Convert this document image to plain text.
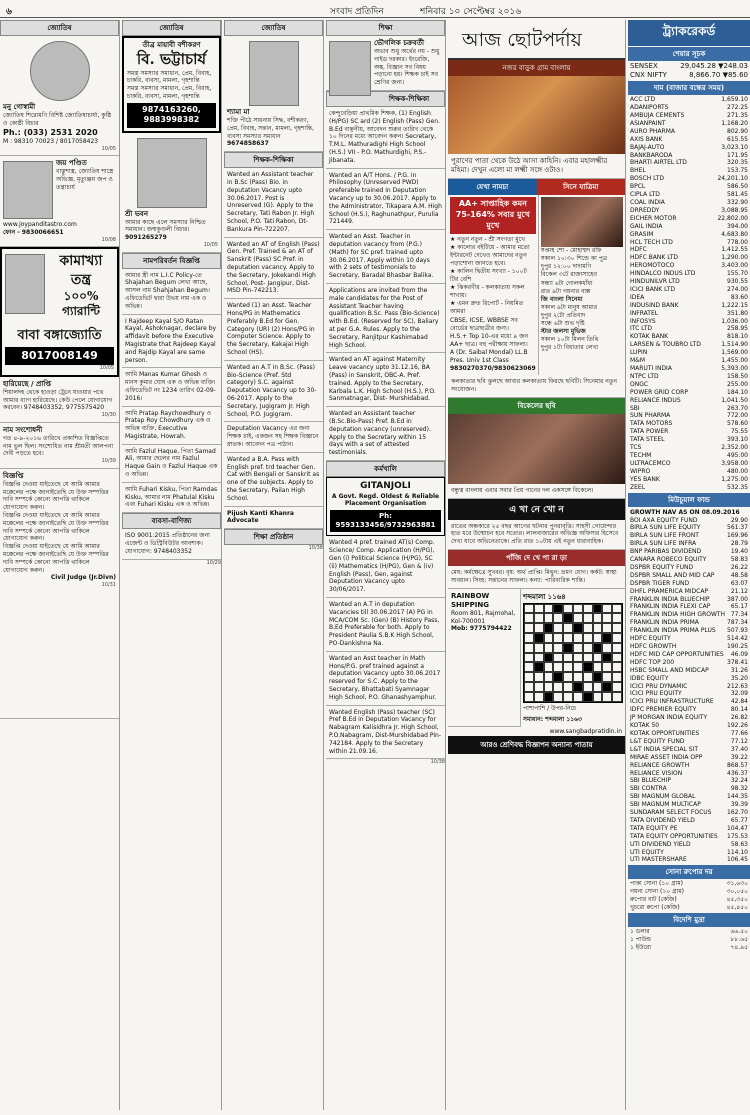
৬	সংবাদ প্রতিদিন	শনিবার ১০ সেপ্টেম্বর ২০১৬
জ্যোতিষ
মনু গোস্বামী
জ্যোতিষ শিরোমণি বিশিষ্ট জ্যোতিষাচার্যা, কুষ্ঠি ও কোষ্ঠী বিচার
Ph.: (033) 2531 2020
M : 98310 70023 / 8017058423
10/05
জয় পণ্ডিত
বাস্তুশাস্ত্র, জ্যোতিষ শাস্ত্রে অভিজ্ঞ, মৃত্যুঞ্জয় জপ ও তন্ত্রাচার্য
www.joypanditastro.com
ফোন - 9830066651
10/08
কামাখ্যা তন্ত্র
১০০% গ্যারান্টি
বাবা বঙ্গাজ্যোতি
8017008149
10/05
হারিয়েছে / প্রাপ্তি
শিয়ালদহ থেকে হাওড়া ট্রেনে যাওয়ার পথে আমার ব্যাগ হারিয়েছে। কেউ পেলে যোগাযোগ করবেন। 9748403352, 9775575420
10/30
নাম সংশোধনী
গত ৪-৯-২০১৬ তারিখে প্রকাশিত বিজ্ঞপ্তিতে নাম ভুল ছিল। সংশোধিত নাম শ্রীমতী আলপনা দেবী পড়তে হবে।
10/39
বিজ্ঞপ্তি
বিজ্ঞপ্তি দেওয়া যাইতেছে যে আমি আমার মক্কেলের পক্ষে জানাইতেছি যে উক্ত সম্পত্তির দাবি সম্পর্কে কোনো আপত্তি থাকিলে যোগাযোগ করুন।
বিজ্ঞপ্তি দেওয়া যাইতেছে যে আমি আমার মক্কেলের পক্ষে জানাইতেছি যে উক্ত সম্পত্তির দাবি সম্পর্কে কোনো আপত্তি থাকিলে যোগাযোগ করুন।
বিজ্ঞপ্তি দেওয়া যাইতেছে যে আমি আমার মক্কেলের পক্ষে জানাইতেছি যে উক্ত সম্পত্তির দাবি সম্পর্কে কোনো আপত্তি থাকিলে যোগাযোগ করুন।
Civil Judge (Jr.Divn)
10/31
জ্যোতিষ
তীব্র মায়াবী বশীকরণ
বি. ভট্টাচার্য
সমস্ত সমস্যার সমাধান, প্রেম, বিবাহ, চাকরি, ব্যবসা, মামলা, গৃহশান্তি
সমস্ত সমস্যার সমাধান, প্রেম, বিবাহ, চাকরি, ব্যবসা, মামলা, গৃহশান্তি
9874163260, 9883998382
শ্রী ভবন
আমার কাছে এলে সমস্যার নিশ্চিত সমাধান। জন্মকুণ্ডলী বিচার।
9091265279
10/05
নামপরিবর্তন বিজ্ঞপ্তি
আমার স্ত্রী নাম L.I.C Policy-তে Shajahan Begum লেখা আছে, আসল নাম Shahjahan Begum। এফিডেভিট দ্বারা উভয় নাম এক ও অভিন্ন।
I Rajdeep Kayal S/O Ratan Kayal, Ashoknagar, declare by affidavit before the Executive Magistrate that Rajdeep Kayal and Rajdip Kayal are same person.
আমি Manas Kumar Ghosh ও মানস কুমার ঘোষ এক ও অভিন্ন ব্যক্তি। এফিডেভিট নং 1234 তারিখ 02-09-2016।
আমি Pratap Raychowdhury ও Pratap Roy Chowdhury এক ও অভিন্ন ব্যক্তি, Executive Magistrate, Howrah.
আমি Fazlul Haque, পিতা Samad Ali, আমার ছেলের নাম Fazlul Haque Gain ও Fazlul Haque এক ও অভিন্ন।
আমি Fuhari Kisku, পিতা Ramdas Kisku, আমার নাম Phatulal Kisku এবং Fuhari Kisku এক ও অভিন্ন।
ব্যবসা-বাণিজ্য
ISO 9001:2015 প্রতিষ্ঠানের জন্য এজেন্ট ও ডিস্ট্রিবিউটর আবশ্যক। যোগাযোগ: 9748403352
10/29
জ্যোতিষ
শ্যামা মা
শক্তি পীঠে সাধনায় সিদ্ধ, বশীকরণ, প্রেম, বিবাহ, সন্তান, মামলা, গৃহশান্তি, ব্যবসা সমস্যার সমাধান
9674858637
শিক্ষক-শিক্ষিকা
Wanted an Assistant teacher in B.Sc (Pass) Bio. in deputation Vacancy upto 30.06.2017. Post is Unreserved (G). Apply to the Secretary, Tati Rabon Jr. High School, P.O. Tati Rabon, Dt-Bankura Pin-722207.
Wanted an AT of English (Pass) Gen. Pref. Trained & an AT of Sanskrit (Pass) SC Pref. in deputation vacancy. Apply to the Secretary, Jokekandi High School, Post- Jangipur, Dist- MSD Pin-742213.
Wanted (1) an Asst. Teacher Hons/PG in Mathematics Preferably B.Ed for Gen. Category (UR) (2) Hons/PG in Computer Science. Apply to the Secretary, Kakajai High School (HS).
Wanted an A.T in B.Sc. (Pass) Bio-Science (Pref. Std category) S.C. against Deputation Vacancy up to 30-06-2017. Apply to the Secretary, Jugigram Jr. High School, P.O. Jugigram.
Deputation Vacancy এর জন্য শিক্ষক চাই, একজন সহ শিক্ষক বিজ্ঞানে স্নাতক। আবেদন পত্র পাঠান।
Wanted a B.A. Pass with English pref. trd teacher Gen. Cat with Bengali or Sanskrit as one of the subjects. Apply to the Secretary, Pailan High School.
Pijush Kanti Khanra Advocate
শিক্ষা প্রতিষ্ঠান
10/38
শিক্ষা
ভৌগলিক চক্রবর্তী
অভাব শুধু অর্থের নয় - শুধু গাইড দরকার। ইংরেজি, অঙ্ক, বিজ্ঞান সব বিষয় পড়ানো হয়। শিক্ষক চাই সব শ্রেণির জন্য।
শিক্ষক-শিক্ষিকা
কেন্দুবেড়িয়া প্রাথমিক শিক্ষক, (1) English (H/PG) SC ard (2) English (Pass) Gen. B.Ed বাঞ্ছনীয়, আবেদন শুরুর তারিখ থেকে ১০ দিনের মধ্যে আবেদন করুন। Secretary, T.M.L. Mathuradighi High School (H.S.) VII - P.O. Mathurdighi, P.S.- Jibanata.
Wanted an A/T Hons. / P.G. in Philosophy (Unreserved PWD) preferable trained in Deputation Vacancy up to 30.06.2017. Apply to the Administrator, Tikapara A.M. High School (H.S.), Raghunathpur, Purulia 721449.
Wanted an Asst. Teacher in deputation vacancy from (P.G.) (Math) for SC pref. trained upto 30.06.2017. Apply within 10 days with 2 sets of testimonials to Secretary, Baradal Bhasbar Balika.
Applications are invited from the male candidates for the Post of Assistant Teacher having qualification B.Sc. Pass (Bio-Science) with B.Ed. (Reserved for SC), Baliary at per G.A. Rules. Apply to the Secretary, Ranjitpur Kashimabad High School.
Wanted an AT against Maternity Leave vacancy upto 31.12.16, BA (Pass) in Sanskrit, OBC-A. Pref. trained. Apply to the Secretary, Karbala L.K. High School (H.S.), P.O. Sanmatnagar, Dist- Murshidabad.
Wanted an Assistant teacher (B.Sc.Bio-Pass) Pref. B.Ed in deputation vacancy (unreserved). Apply to the Secretary within 15 days with a set of attested testimonials.
কর্মখালি
GITANJOLI
A Govt. Regd. Oldest & Reliable Placement Organisation
Ph: 9593133456/9732963881
Wanted 4 pref. trained AT(s) Comp. Science/ Comp. Application (H/PG), Gen (i) Political Science (H/PG), SC (ii) Mathematics (H/PG), Gen & (iv) English (Pass), Gen, against Deputation Vacancy upto 30/06/2017.
Wanted an A.T in deputation Vacancies till 30.06.2017 (A) PG in MCA/COM Sc. (Gen) (B) History Pass, B.Ed Preferable for both. Apply to President Paulia S.B.K High School, PO-Dankishna Na.
Wanted an Asst teacher in Math Hons/P.G. pref trained against a deputation Vacancy upto 30.06.2017 reserved for S.C. Apply to the Secretary, Bhattabati Syamnagar High School, P.O. Ghanashyamphur.
Wanted English (Pass) teacher (SC) Pref B.Ed in Deputation Vacancy for Nabagram Kalisidhra Jr. High School, P.O.Nabagram, Dist-Murshidabad Pin-742184. Apply to the Secretary within 21.09.16.
10/38
আজ ছোটপর্দায়
নজর বাড়ুক গ্রাম বাংলায়
পুরাণের পাতা থেকে উঠে আসা কাহিনি। এবার মহালক্ষ্মীর মহিমা। দেখুন এলো মা লক্ষ্মী সঙ্গে ওটাও।
যেখা নামচা	সিনে যাত্রিমা
AA+ সাপ্তাহিক কমন 75-164% সবার মুখে মুখে
★ নতুন নতুন - শ্রী সংগত্য মুখে
★ কালোর বইটিয়ে - আমার মতো ইন্টারনেট দেখেও আমাদের নতুন পড়াশোনা জানতে হবে।
★ কালিন দ্বিতীয় সংখ্যা - ১০০ট টির বেশি
★ ঝিকরণীর - কলকাতায় সকল শাখায়।
★ এমন দ্রুত রিপোর্ট - নিয়মিত আমরা
CBSE, ICSE, WBBSE সব বোর্ডের ছাত্রছাত্রীর জন্য।
H.S.+ Top 10-এর মধ্যে ৯ জন AA+ ছাত্র। বহু পরীক্ষায় সাফল্য।
A (Dr. Saibal Mondal) LL.B Pres. Univ 1st Class
9830270370/9830623069
সপ্তাহ শো - মোহাম্মদ রফি
সকাল ১০:৩০ শিন্ডে কা পুত্র
দুপুর ১২:০০ দাদামণি
বিকেল ৩টে রাজাসাহেব
সন্ধ্যা ৬টা গোলকধাঁধা
রাত ৯টা গয়নার বাক্স
জি বাংলা সিনেমা
সকাল ৯টা মানুষ আমার
দুপুর ২টো প্রতিবাদ
সন্ধে ৬টা শুভ দৃষ্টি
স্টার জলসা মুভিজ
সকাল ১০টা মিলন তিথি
দুপুর ১টা বিধাতার লেখা
কলকাতার ছবি ঝুলছে আবার কলকাতায় ফিরছে ছবিটি। সিনেমার নতুন সংযোজন।
বিকেলের ছবি
বন্ধুত্ব বাংলায় এবার সবার প্রিয় গানের দল একসঙ্গে বিকেলে।
এ খা নে খো ন
রাতের অন্ধকারে ২৫ বছর আগের ঘটনার পুনরাবৃত্তি। সাহসী গোয়েন্দার হাত ধরে উন্মোচন হবে সত্যের। লালবাজারের অভিজ্ঞ অফিসার হিসেবে দেখা যাবে অভিনেতাকে। প্রতি রাত ১০টায় এই নতুন ধারাবাহিক।
পাঁজি দে খে পা রা ড়া
মেষ: কর্মক্ষেত্রে সুখবর। বৃষ: অর্থ প্রাপ্তি। মিথুন: ভ্রমণ যোগ। কর্কট: স্বাস্থ্য সাবধান। সিংহ: সন্তানের সাফল্য। কন্যা: পারিবারিক শান্তি।
RAINBOW SHIPPING
Room 801, Rajmohal, Kol-700001
Mob: 9775794422
শব্দমালা ১১৬৪
পাশাপাশি / উপর-নিচে
সমাধান: শব্দমালা ১১৬৩
www.sangbadpratidin.in
আরও শ্রেণিবদ্ধ বিজ্ঞাপন অন্যান্য পাতায়
ট্র্যাকরেকর্ড
শেয়ার সূচক
SENSEX	29,045.28 ▼248.03
CNX NIFTY	8,866.70 ▼85.60
দাম (বাজার বন্ধের সময়)
ACC LTD	1,659.10
ADANIPORTS	272.25
AMBUJA CEMENTS	271.35
ASIANPAINT	1,168.20
AURO PHARMA	802.90
AXIS BANK	615.55
BAJAJ-AUTO	3,023.10
BANKBARODA	171.95
BHARTI AIRTEL LTD	320.35
BHEL	153.75
BOSCH LTD	24,201.10
BPCL	586.50
CIPLA LTD	581.45
COAL INDIA	332.90
DRREDDY	3,088.95
EICHER MOTOR	22,802.00
GAIL INDIA	394.00
GRASIM	4,683.80
HCL TECH LTD	778.00
HDFC	1,412.55
HDFC BANK LTD	1,290.00
HEROMOTOCO	3,403.00
HINDALCO INDUS LTD	155.70
HINDUNILVR LTD	930.55
ICICI BANK LTD	274.00
IDEA	83.60
INDUSIND BANK	1,222.15
INFRATEL	351.80
INFOSYS	1,036.00
ITC LTD	258.95
KOTAK BANK	818.10
LARSEN & TOUBRO LTD	1,514.90
LUPIN	1,569.00
M&M	1,455.00
MARUTI INDIA	5,393.00
NTPC LTD	158.50
ONGC	255.00
POWER GRID CORP	184.10
RELIANCE INDUS	1,041.50
SBI	263.70
SUN PHARMA	772.00
TATA MOTORS	578.60
TATA POWER	75.55
TATA STEEL	393.10
TCS	2,352.00
TECHM	495.00
ULTRACEMCO	3,958.00
WIPRO	480.00
YES BANK	1,275.00
ZEEL	532.35
মিউচুয়াল ফান্ড
GROWTH NAV AS ON 08.09.2016
BOI AXA EQUITY FUND	29.90
BIRLA SUN LIFE EQUITY	561.37
BIRLA SUN LIFE FRONT	169.96
BIRLA SUN LIFE INFRA	28.79
BNP PARIBAS DIVIDEND	19.40
CANARA ROBECO EQUITY	58.83
DSPBR EQUITY FUND	26.22
DSPBR SMALL AND MID CAP	48.58
DSPBR TIGER FUND	63.07
DHFL PRAMERICA MIDCAP	21.12
FRANKLIN INDIA BLUECHIP	387.00
FRANKLIN INDIA FLEXI CAP	65.17
FRANKLIN INDIA HIGH GROWTH 77.34
FRANKLIN INDIA PRIMA	787.34
FRANKLIN INDIA PRIMA PLUS 507.93
HDFC EQUITY	514.42
HDFC GROWTH	190.25
HDFC MID CAP OPPORTUNITIES 46.09
HDFC TOP 200	378.41
HSBC SMALL AND MIDCAP	31.26
IDBC EQUITY	35.20
ICICI PRU DYNAMIC	212.63
ICICI PRU EQUITY	32.09
ICICI PRU INFRASTRUCTURE	42.84
IDFC PREMIER EQUITY	80.14
JP MORGAN INDIA EQUITY	26.82
KOTAK 50	192.26
KOTAK OPPORTUNITIES	77.66
L&T EQUITY FUND	77.12
L&T INDIA SPECIAL SIT	37.40
MIRAE ASSET INDIA OPP	39.22
RELIANCE GROWTH	868.57
RELIANCE VISION	436.37
SBI BLUECHIP	32.24
SBI CONTRA	98.32
SBI MAGNUM GLOBAL	144.35
SBI MAGNUM MULTICAP	39.39
SUNDARAM SELECT FOCUS	162.70
TATA DIVIDEND YIELD	65.77
TATA EQUITY PE	104.47
TATA EQUITY OPPORTUNITIES 175.53
UTI DIVIDEND YIELD	58.63
UTI EQUITY	114.10
UTI MASTERSHARE	106.45
সোনা রুপোর দর
পাকা সোনা (১০ গ্রাম)	৩১,৬৩০
গয়না সোনা (১০ গ্রাম)	৩০,০৫০
রুপোর বাট (কেজি)	৪৫,৩৫০
খুচরো রুপো (কেজি)	৪৫,৪৫০
বিদেশি মুদ্রা
১ ডলার	৬৬.৫০
১ পাউন্ড	৮৮.৬৫
১ ইউরো	৭৪.৯৫
